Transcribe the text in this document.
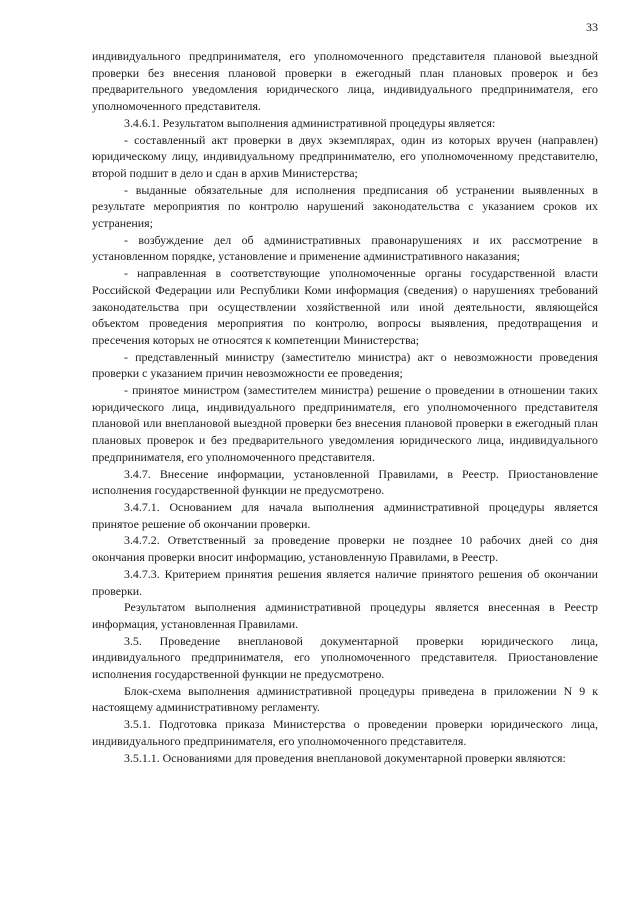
33

индивидуального предпринимателя, его уполномоченного представителя плановой выездной проверки без внесения плановой проверки в ежегодный план плановых проверок и без предварительного уведомления юридического лица, индивидуального предпринимателя, его уполномоченного представителя.

3.4.6.1. Результатом выполнения административной процедуры является:

- составленный акт проверки в двух экземплярах, один из которых вручен (направлен) юридическому лицу, индивидуальному предпринимателю, его уполномоченному представителю, второй подшит в дело и сдан в архив Министерства;

- выданные обязательные для исполнения предписания об устранении выявленных в результате мероприятия по контролю нарушений законодательства с указанием сроков их устранения;

- возбуждение дел об административных правонарушениях и их рассмотрение в установленном порядке, установление и применение административного наказания;

- направленная в соответствующие уполномоченные органы государственной власти Российской Федерации или Республики Коми информация (сведения) о нарушениях требований законодательства при осуществлении хозяйственной или иной деятельности, являющейся объектом проведения мероприятия по контролю, вопросы выявления, предотвращения и пресечения которых не относятся к компетенции Министерства;

- представленный министру (заместителю министра) акт о невозможности проведения проверки с указанием причин невозможности ее проведения;

- принятое министром (заместителем министра) решение о проведении в отношении таких юридического лица, индивидуального предпринимателя, его уполномоченного представителя плановой или внеплановой выездной проверки без внесения плановой проверки в ежегодный план плановых проверок и без предварительного уведомления юридического лица, индивидуального предпринимателя, его уполномоченного представителя.

3.4.7. Внесение информации, установленной Правилами, в Реестр. Приостановление исполнения государственной функции не предусмотрено.

3.4.7.1. Основанием для начала выполнения административной процедуры является принятое решение об окончании проверки.

3.4.7.2. Ответственный за проведение проверки не позднее 10 рабочих дней со дня окончания проверки вносит информацию, установленную Правилами, в Реестр.

3.4.7.3. Критерием принятия решения является наличие принятого решения об окончании проверки.

Результатом выполнения административной процедуры является внесенная в Реестр информация, установленная Правилами.

3.5. Проведение внеплановой документарной проверки юридического лица, индивидуального предпринимателя, его уполномоченного представителя. Приостановление исполнения государственной функции не предусмотрено.

Блок-схема выполнения административной процедуры приведена в приложении N 9 к настоящему административному регламенту.

3.5.1. Подготовка приказа Министерства о проведении проверки юридического лица, индивидуального предпринимателя, его уполномоченного представителя.

3.5.1.1. Основаниями для проведения внеплановой документарной проверки являются:
